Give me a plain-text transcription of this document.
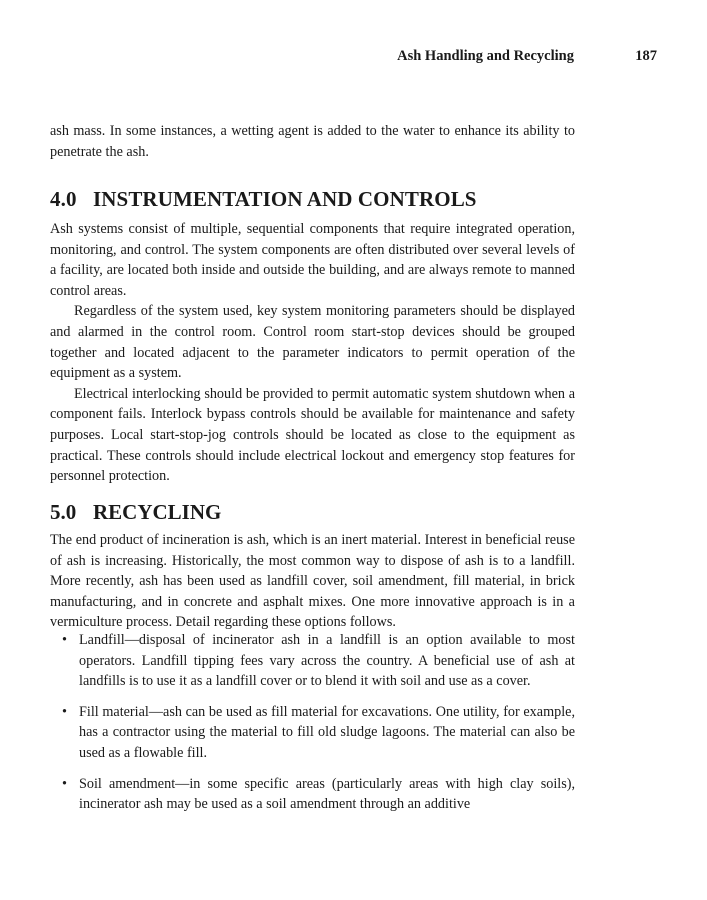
Ash Handling and Recycling	187

ash mass. In some instances, a wetting agent is added to the water to enhance its ability to penetrate the ash.

4.0 INSTRUMENTATION AND CONTROLS

Ash systems consist of multiple, sequential components that require integrated operation, monitoring, and control. The system components are often distributed over several levels of a facility, are located both inside and outside the building, and are always remote to manned control areas.

Regardless of the system used, key system monitoring parameters should be displayed and alarmed in the control room. Control room start-stop devices should be grouped together and located adjacent to the parameter indicators to permit operation of the equipment as a system.

Electrical interlocking should be provided to permit automatic system shutdown when a component fails. Interlock bypass controls should be available for maintenance and safety purposes. Local start-stop-jog controls should be located as close to the equipment as practical. These controls should include electrical lockout and emergency stop features for personnel protection.

5.0 RECYCLING

The end product of incineration is ash, which is an inert material. Interest in beneficial reuse of ash is increasing. Historically, the most common way to dispose of ash is to a landfill. More recently, ash has been used as landfill cover, soil amendment, fill material, in brick manufacturing, and in concrete and asphalt mixes. One more innovative approach is in a vermiculture process. Detail regarding these options follows.

• Landfill—disposal of incinerator ash in a landfill is an option available to most operators. Landfill tipping fees vary across the country. A beneficial use of ash at landfills is to use it as a landfill cover or to blend it with soil and use as a cover.
• Fill material—ash can be used as fill material for excavations. One utility, for example, has a contractor using the material to fill old sludge lagoons. The material can also be used as a flowable fill.
• Soil amendment—in some specific areas (particularly areas with high clay soils), incinerator ash may be used as a soil amendment through an additive
